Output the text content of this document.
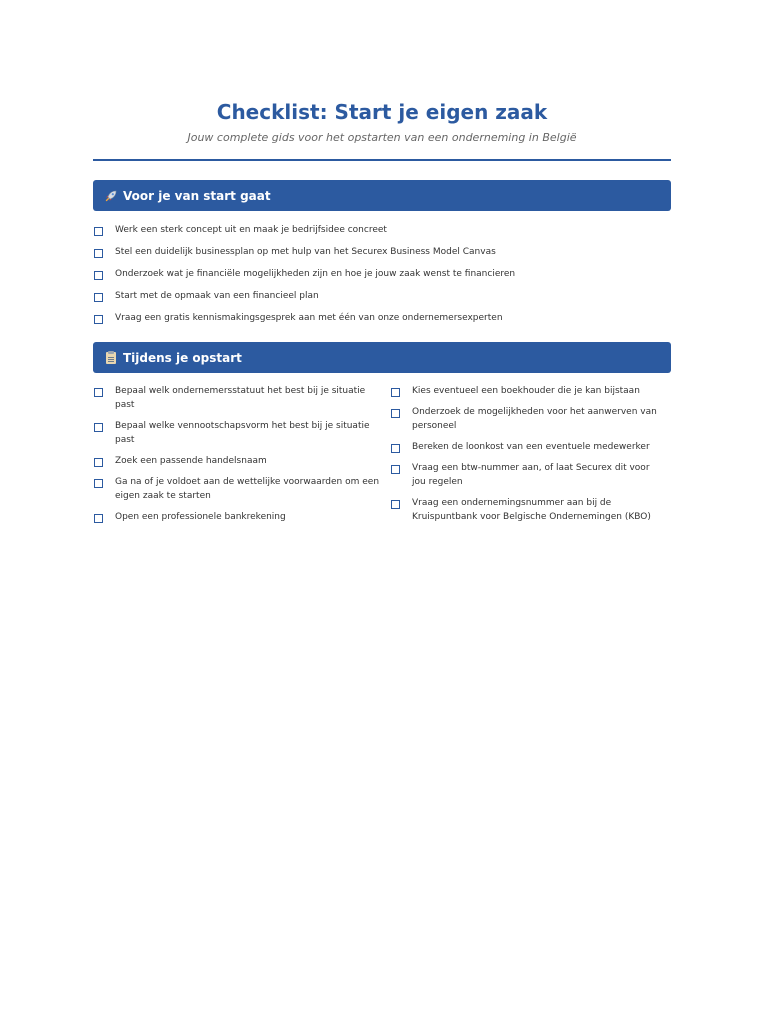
Checklist: Start je eigen zaak
Jouw complete gids voor het opstarten van een onderneming in België
Voor je van start gaat
Werk een sterk concept uit en maak je bedrijfsidee concreet
Stel een duidelijk businessplan op met hulp van het Securex Business Model Canvas
Onderzoek wat je financiële mogelijkheden zijn en hoe je jouw zaak wenst te financieren
Start met de opmaak van een financieel plan
Vraag een gratis kennismakingsgesprek aan met één van onze ondernemersexperten
Tijdens je opstart
Bepaal welk ondernemersstatuut het best bij je situatie past
Bepaal welke vennootschapsvorm het best bij je situatie past
Zoek een passende handelsnaam
Ga na of je voldoet aan de wettelijke voorwaarden om een eigen zaak te starten
Open een professionele bankrekening
Kies eventueel een boekhouder die je kan bijstaan
Onderzoek de mogelijkheden voor het aanwerven van personeel
Bereken de loonkost van een eventuele medewerker
Vraag een btw-nummer aan, of laat Securex dit voor jou regelen
Vraag een ondernemingsnummer aan bij de Kruispuntbank voor Belgische Ondernemingen (KBO)
